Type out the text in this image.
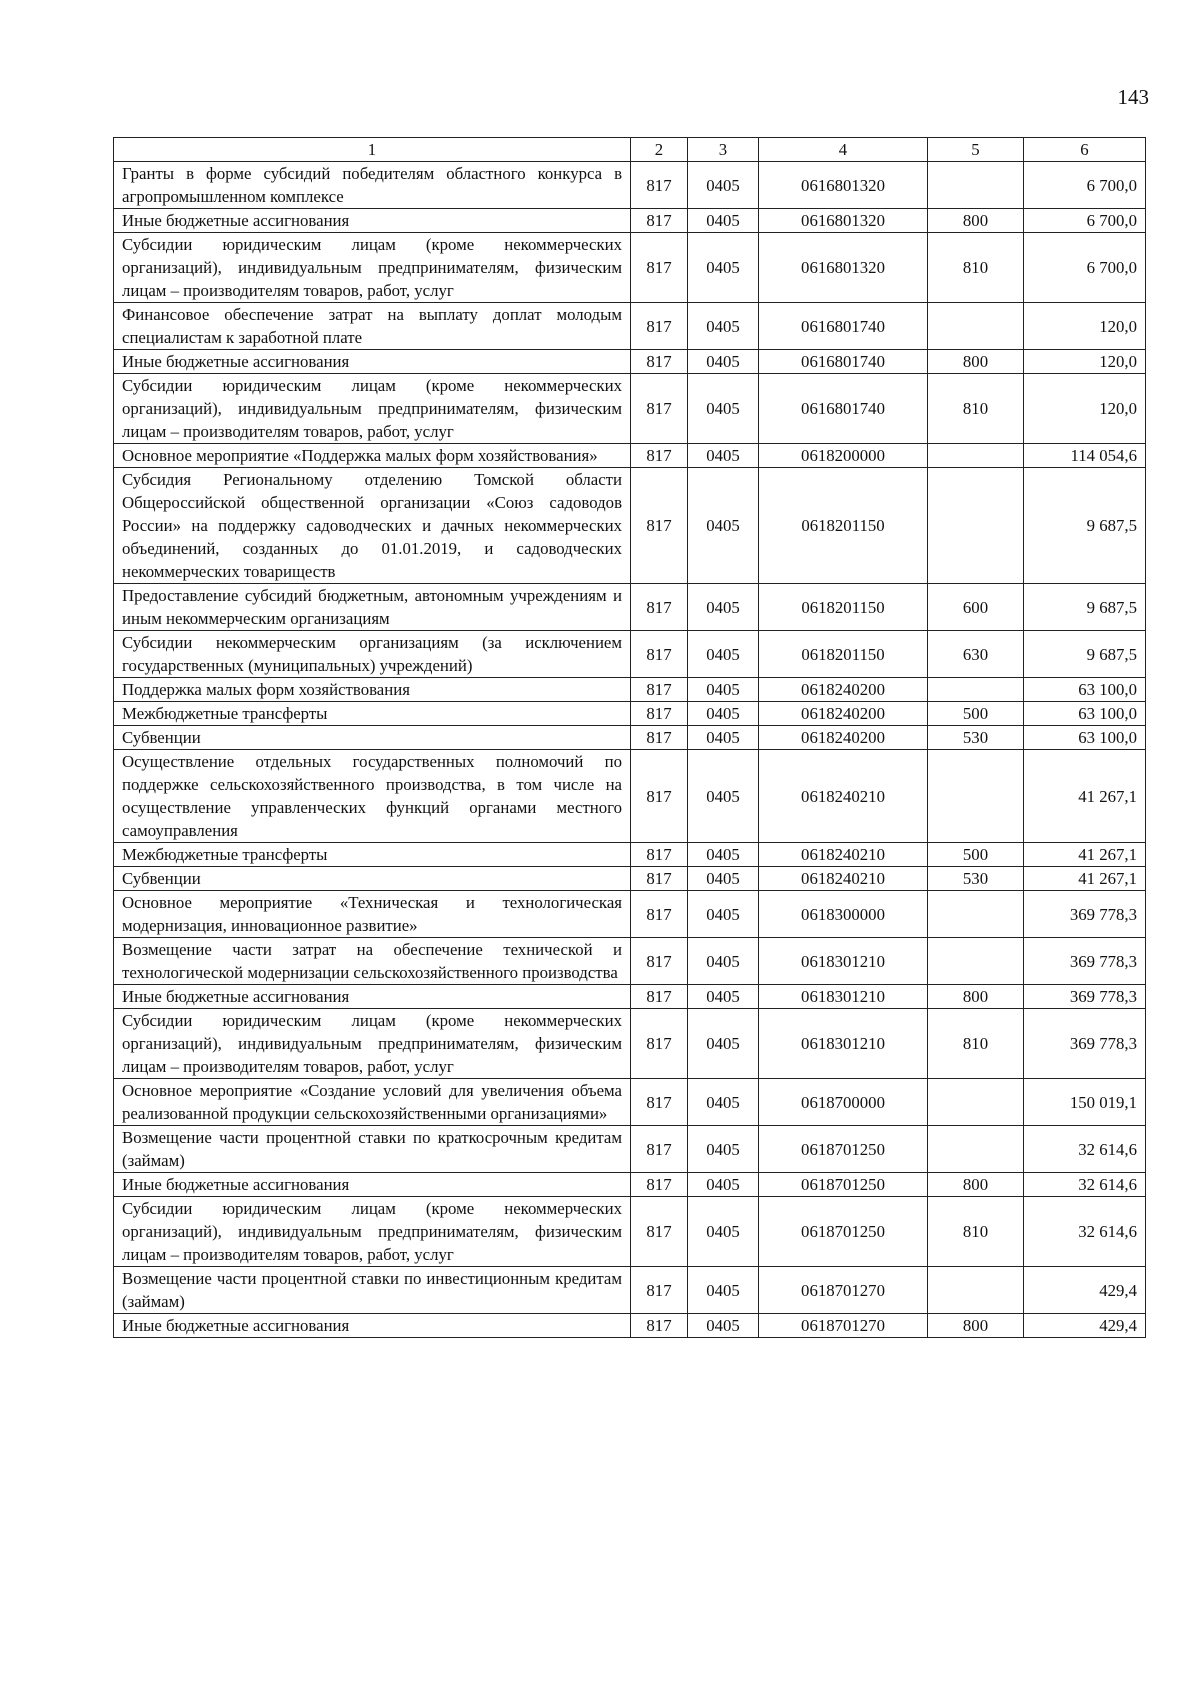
143
1	2	3	4	5	6
Гранты в форме субсидий победителям областного конкурса в агропромышленном комплексе	817	0405	0616801320		6 700,0
Иные бюджетные ассигнования	817	0405	0616801320	800	6 700,0
Субсидии юридическим лицам (кроме некоммерческих организаций), индивидуальным предпринимателям, физическим лицам – производителям товаров, работ, услуг	817	0405	0616801320	810	6 700,0
Финансовое обеспечение затрат на выплату доплат молодым специалистам к заработной плате	817	0405	0616801740		120,0
Иные бюджетные ассигнования	817	0405	0616801740	800	120,0
Субсидии юридическим лицам (кроме некоммерческих организаций), индивидуальным предпринимателям, физическим лицам – производителям товаров, работ, услуг	817	0405	0616801740	810	120,0
Основное мероприятие «Поддержка малых форм хозяйствования»	817	0405	0618200000		114 054,6
Субсидия Региональному отделению Томской области Общероссийской общественной организации «Союз садоводов России» на поддержку садоводческих и дачных некоммерческих объединений, созданных до 01.01.2019, и садоводческих некоммерческих товариществ	817	0405	0618201150		9 687,5
Предоставление субсидий бюджетным, автономным учреждениям и иным некоммерческим организациям	817	0405	0618201150	600	9 687,5
Субсидии некоммерческим организациям (за исключением государственных (муниципальных) учреждений)	817	0405	0618201150	630	9 687,5
Поддержка малых форм хозяйствования	817	0405	0618240200		63 100,0
Межбюджетные трансферты	817	0405	0618240200	500	63 100,0
Субвенции	817	0405	0618240200	530	63 100,0
Осуществление отдельных государственных полномочий по поддержке сельскохозяйственного производства, в том числе на осуществление управленческих функций органами местного самоуправления	817	0405	0618240210		41 267,1
Межбюджетные трансферты	817	0405	0618240210	500	41 267,1
Субвенции	817	0405	0618240210	530	41 267,1
Основное мероприятие «Техническая и технологическая модернизация, инновационное развитие»	817	0405	0618300000		369 778,3
Возмещение части затрат на обеспечение технической и технологической модернизации сельскохозяйственного производства	817	0405	0618301210		369 778,3
Иные бюджетные ассигнования	817	0405	0618301210	800	369 778,3
Субсидии юридическим лицам (кроме некоммерческих организаций), индивидуальным предпринимателям, физическим лицам – производителям товаров, работ, услуг	817	0405	0618301210	810	369 778,3
Основное мероприятие «Создание условий для увеличения объема реализованной продукции сельскохозяйственными организациями»	817	0405	0618700000		150 019,1
Возмещение части процентной ставки по краткосрочным кредитам (займам)	817	0405	0618701250		32 614,6
Иные бюджетные ассигнования	817	0405	0618701250	800	32 614,6
Субсидии юридическим лицам (кроме некоммерческих организаций), индивидуальным предпринимателям, физическим лицам – производителям товаров, работ, услуг	817	0405	0618701250	810	32 614,6
Возмещение части процентной ставки по инвестиционным кредитам (займам)	817	0405	0618701270		429,4
Иные бюджетные ассигнования	817	0405	0618701270	800	429,4
